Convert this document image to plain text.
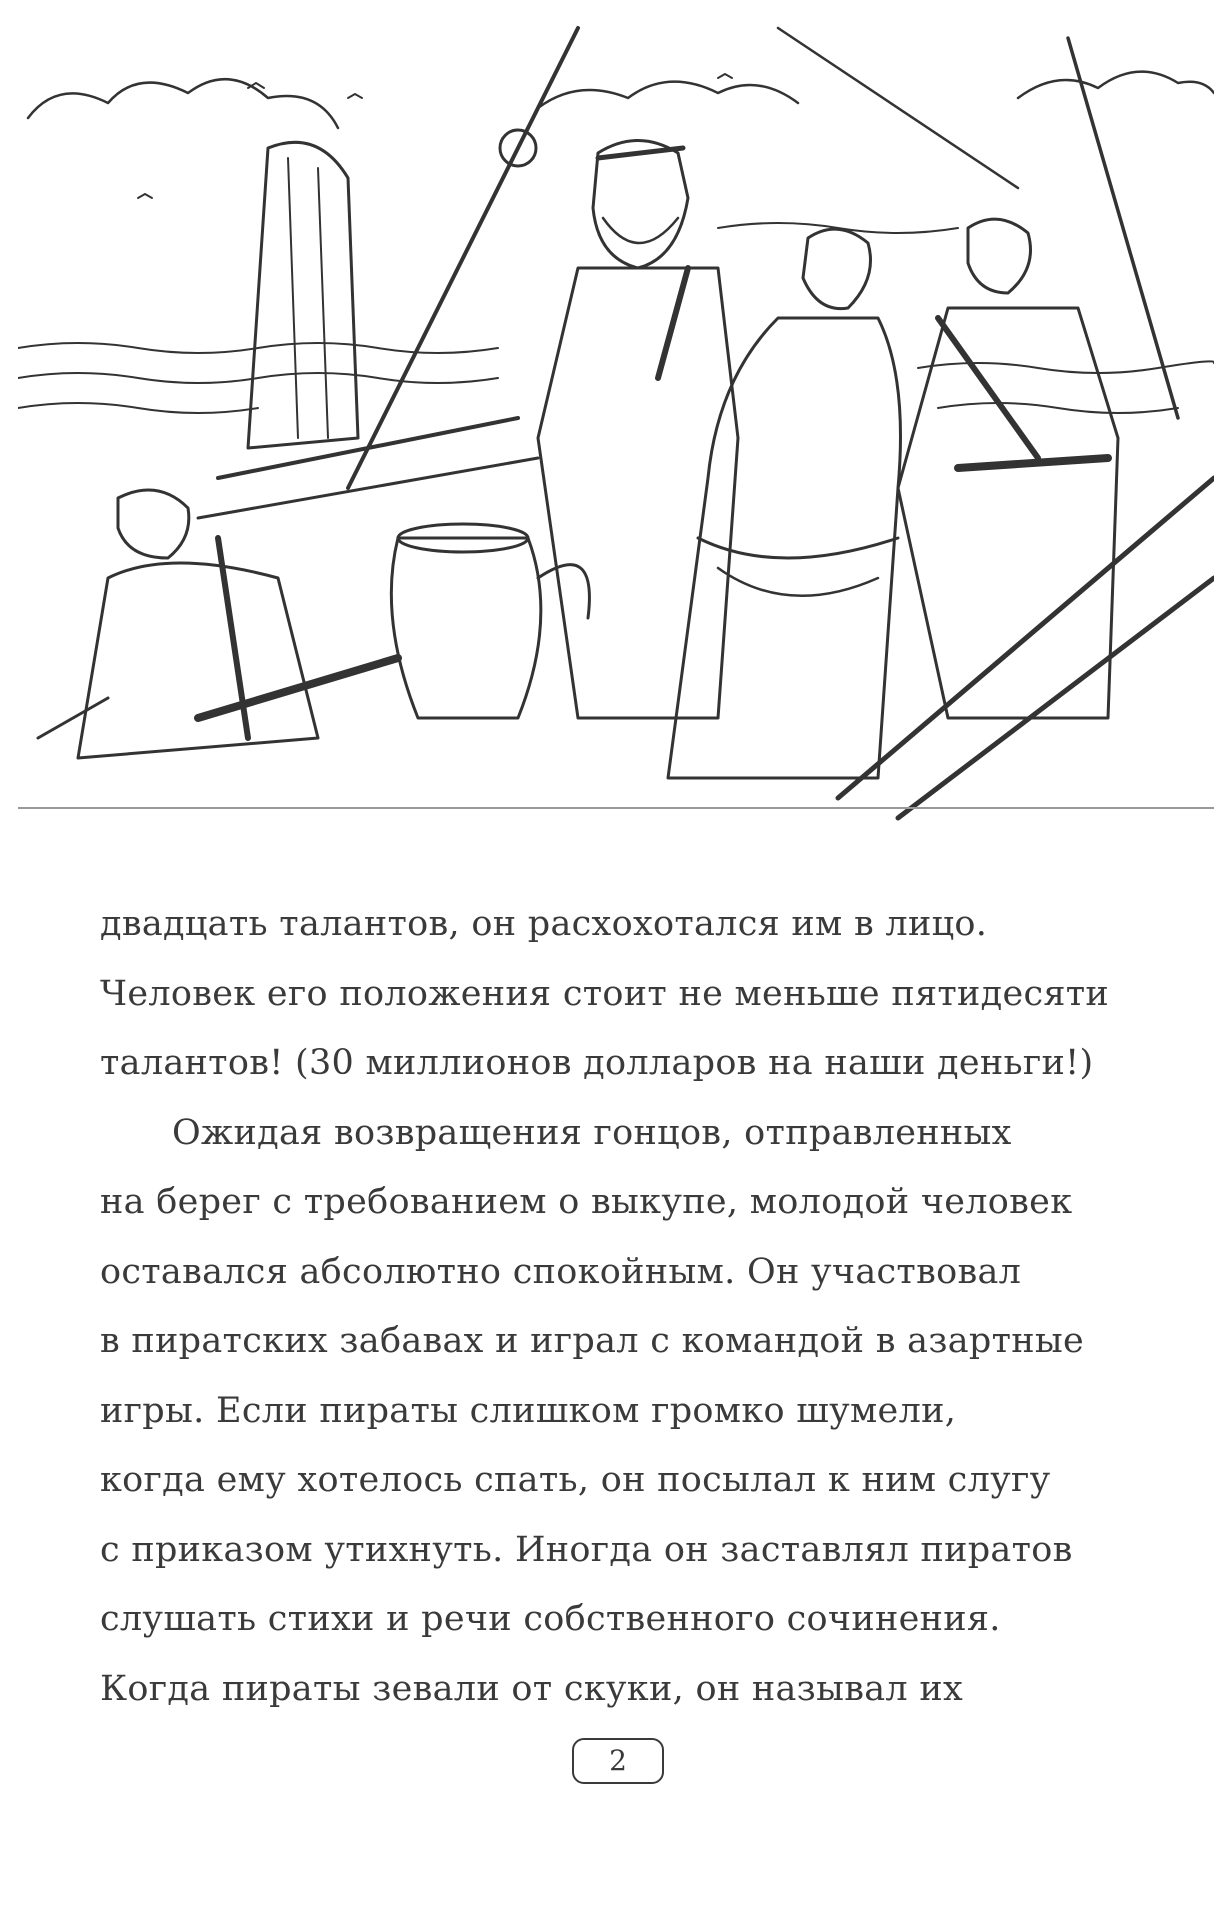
двадцать талантов, он расхохотался им в лицо.
Человек его положения стоит не меньше пятидесяти
талантов! (30 миллионов долларов на наши деньги!)
Ожидая возвращения гонцов, отправленных
на берег с требованием о выкупе, молодой человек
оставался абсолютно спокойным. Он участвовал
в пиратских забавах и играл с командой в азартные
игры. Если пираты слишком громко шумели,
когда ему хотелось спать, он посылал к ним слугу
с приказом утихнуть. Иногда он заставлял пиратов
слушать стихи и речи собственного сочинения.
Когда пираты зевали от скуки, он называл их
2
